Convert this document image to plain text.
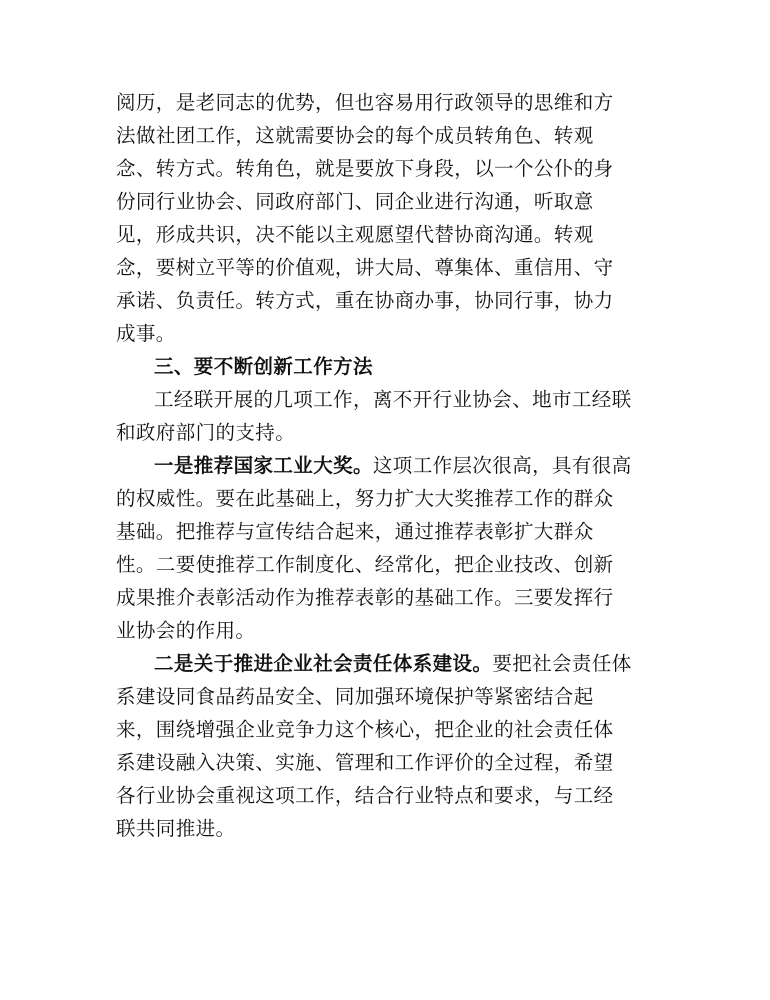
阅历，是老同志的优势，但也容易用行政领导的思维和方
法做社团工作，这就需要协会的每个成员转角色、转观
念、转方式。转角色，就是要放下身段，以一个公仆的身
份同行业协会、同政府部门、同企业进行沟通，听取意
见，形成共识，决不能以主观愿望代替协商沟通。转观
念，要树立平等的价值观，讲大局、尊集体、重信用、守
承诺、负责任。转方式，重在协商办事，协同行事，协力
成事。
三、要不断创新工作方法
工经联开展的几项工作，离不开行业协会、地市工经联
和政府部门的支持。
一是推荐国家工业大奖。这项工作层次很高，具有很高
的权威性。要在此基础上，努力扩大大奖推荐工作的群众
基础。把推荐与宣传结合起来，通过推荐表彰扩大群众
性。二要使推荐工作制度化、经常化，把企业技改、创新
成果推介表彰活动作为推荐表彰的基础工作。三要发挥行
业协会的作用。
二是关于推进企业社会责任体系建设。要把社会责任体
系建设同食品药品安全、同加强环境保护等紧密结合起
来，围绕增强企业竞争力这个核心，把企业的社会责任体
系建设融入决策、实施、管理和工作评价的全过程，希望
各行业协会重视这项工作，结合行业特点和要求，与工经
联共同推进。
